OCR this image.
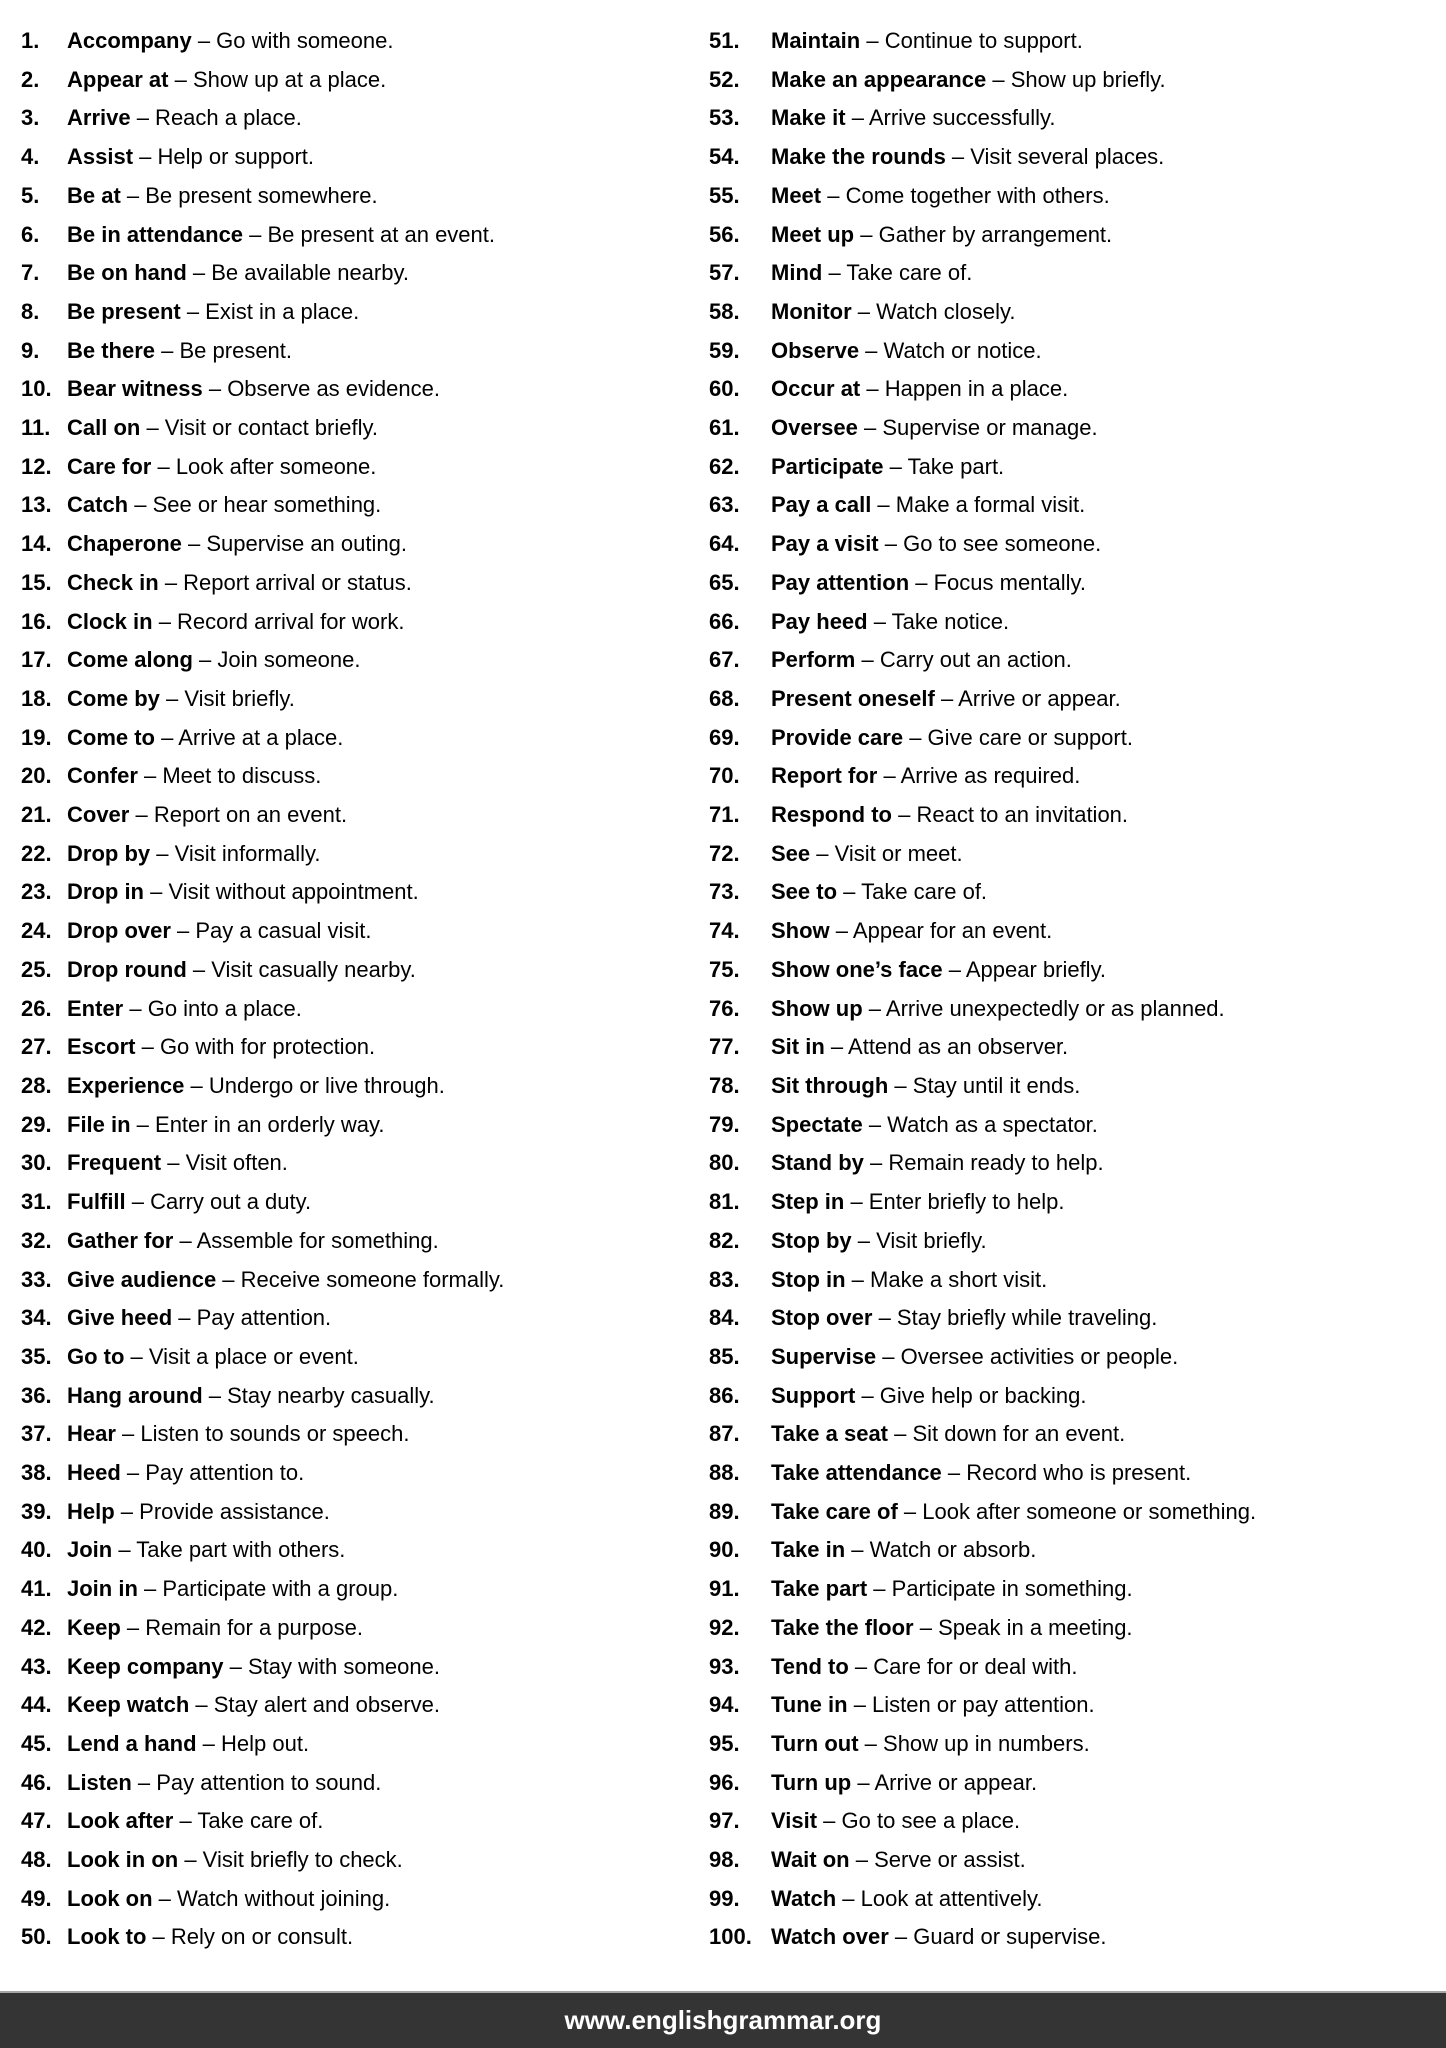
1.	Accompany – Go with someone.
2.	Appear at – Show up at a place.
3.	Arrive – Reach a place.
4.	Assist – Help or support.
5.	Be at – Be present somewhere.
6.	Be in attendance – Be present at an event.
7.	Be on hand – Be available nearby.
8.	Be present – Exist in a place.
9.	Be there – Be present.
10. Bear witness – Observe as evidence.
11. Call on – Visit or contact briefly.
12. Care for – Look after someone.
13. Catch – See or hear something.
14. Chaperone – Supervise an outing.
15. Check in – Report arrival or status.
16. Clock in – Record arrival for work.
17. Come along – Join someone.
18. Come by – Visit briefly.
19. Come to – Arrive at a place.
20. Confer – Meet to discuss.
21. Cover – Report on an event.
22. Drop by – Visit informally.
23. Drop in – Visit without appointment.
24. Drop over – Pay a casual visit.
25. Drop round – Visit casually nearby.
26. Enter – Go into a place.
27. Escort – Go with for protection.
28. Experience – Undergo or live through.
29. File in – Enter in an orderly way.
30. Frequent – Visit often.
31. Fulfill – Carry out a duty.
32. Gather for – Assemble for something.
33. Give audience – Receive someone formally.
34. Give heed – Pay attention.
35. Go to – Visit a place or event.
36. Hang around – Stay nearby casually.
37. Hear – Listen to sounds or speech.
38. Heed – Pay attention to.
39. Help – Provide assistance.
40. Join – Take part with others.
41. Join in – Participate with a group.
42. Keep – Remain for a purpose.
43. Keep company – Stay with someone.
44. Keep watch – Stay alert and observe.
45. Lend a hand – Help out.
46. Listen – Pay attention to sound.
47. Look after – Take care of.
48. Look in on – Visit briefly to check.
49. Look on – Watch without joining.
50. Look to – Rely on or consult.
51.	Maintain – Continue to support.
52.	Make an appearance – Show up briefly.
53.	Make it – Arrive successfully.
54.	Make the rounds – Visit several places.
55.	Meet – Come together with others.
56.	Meet up – Gather by arrangement.
57.	Mind – Take care of.
58.	Monitor – Watch closely.
59.	Observe – Watch or notice.
60.	Occur at – Happen in a place.
61.	Oversee – Supervise or manage.
62.	Participate – Take part.
63.	Pay a call – Make a formal visit.
64.	Pay a visit – Go to see someone.
65.	Pay attention – Focus mentally.
66.	Pay heed – Take notice.
67.	Perform – Carry out an action.
68.	Present oneself – Arrive or appear.
69.	Provide care – Give care or support.
70.	Report for – Arrive as required.
71.	Respond to – React to an invitation.
72.	See – Visit or meet.
73.	See to – Take care of.
74.	Show – Appear for an event.
75.	Show one’s face – Appear briefly.
76.	Show up – Arrive unexpectedly or as planned.
77.	Sit in – Attend as an observer.
78.	Sit through – Stay until it ends.
79.	Spectate – Watch as a spectator.
80.	Stand by – Remain ready to help.
81.	Step in – Enter briefly to help.
82.	Stop by – Visit briefly.
83.	Stop in – Make a short visit.
84.	Stop over – Stay briefly while traveling.
85.	Supervise – Oversee activities or people.
86.	Support – Give help or backing.
87.	Take a seat – Sit down for an event.
88.	Take attendance – Record who is present.
89.	Take care of – Look after someone or something.
90.	Take in – Watch or absorb.
91.	Take part – Participate in something.
92.	Take the floor – Speak in a meeting.
93.	Tend to – Care for or deal with.
94.	Tune in – Listen or pay attention.
95.	Turn out – Show up in numbers.
96.	Turn up – Arrive or appear.
97.	Visit – Go to see a place.
98.	Wait on – Serve or assist.
99.	Watch – Look at attentively.
100. Watch over – Guard or supervise.
www.englishgrammar.org
